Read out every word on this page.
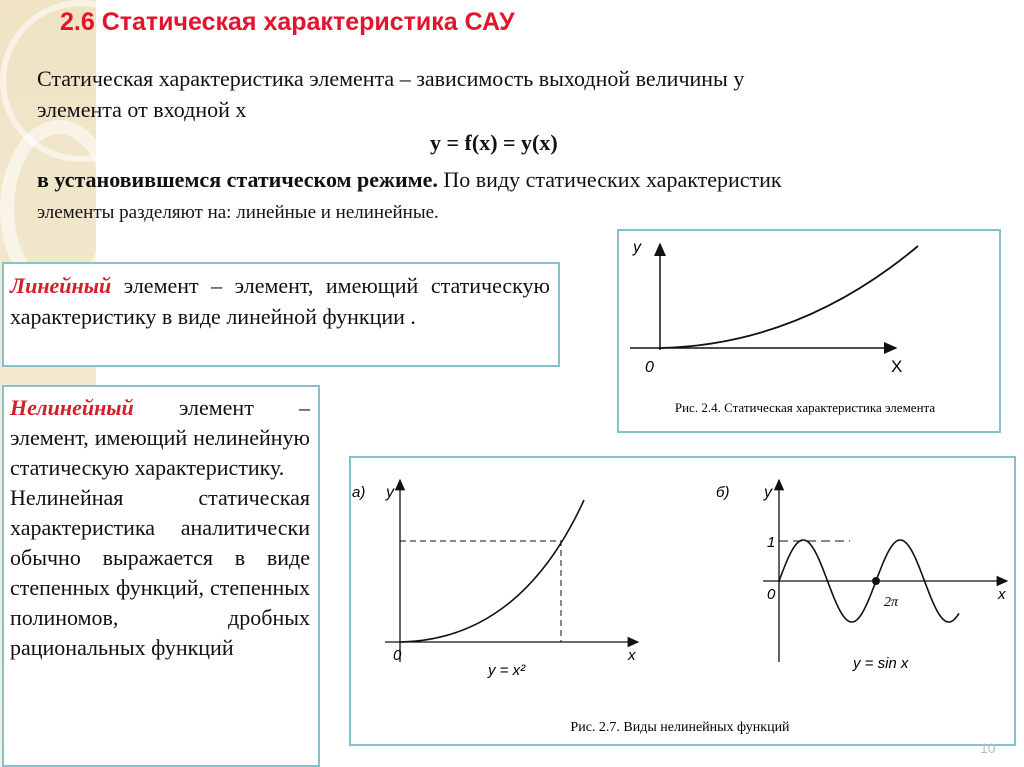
2.6 Статическая характеристика САУ
Статическая характеристика элемента – зависимость выходной величины y
элемента от входной x
y = f(x) = y(x)
в установившемся статическом режиме. По виду статических характеристик
элементы разделяют на: линейные и нелинейные.
Линейный элемент – элемент, имеющий статическую характеристику в виде линейной функции .
Нелинейный элемент – элемент, имеющий нелинейную статическую характеристику.
Нелинейная статическая характеристика аналитически обычно выражается в виде степенных функций, степенных полиномов, дробных рациональных функций
y
0	X
Рис. 2.4. Статическая характеристика элемента
а) y
0	x
y = x²
б) y
1
0	2π	x
y = sin x
Рис. 2.7. Виды нелинейных функций
10
